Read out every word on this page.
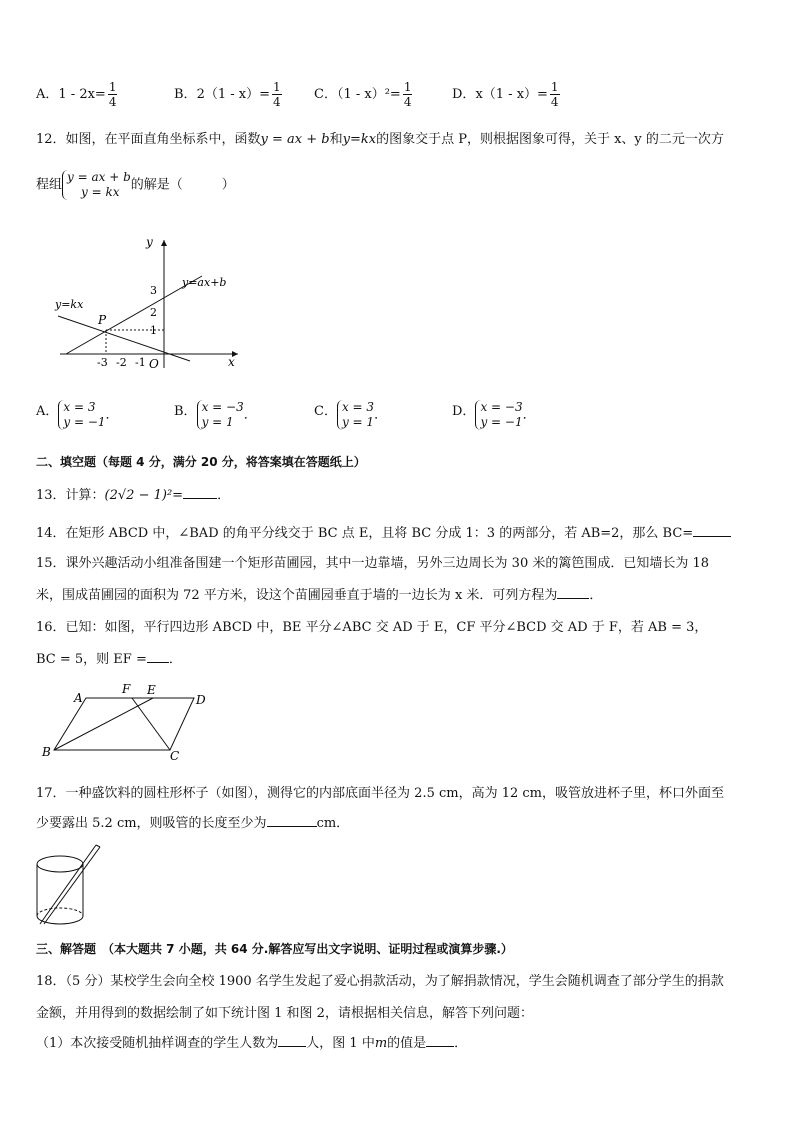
A．$1 - 2x= \frac{1}{4}$	B．$2(1 - x)= \frac{1}{4}$ C．$(1 - x)^2= \frac{1}{4}$	D．$x(1 - x)= \frac{1}{4}$
12．如图，在平面直角坐标系中，函数y = ax + b和y=kx的图象交于点 P，则根据图象可得，关于 x、y 的二元一次方
程组
y = ax + b
y = kx 的解是（　　　）
y
x
3
2
1
-3 -2 -1 O
P
y=ax+b
y=kx
A． x = 3
y = −1 ．	B． x = −3
y = 1 ．	C． x = 3
y = 1 ．	D． x = −3
y = −1 ．
二、填空题（每题 4 分，满分 20 分，将答案填在答题纸上）
13．计算：(2√2 − 1)²=	．
14．在矩形 ABCD 中，∠BAD 的角平分线交于 BC 点 E，且将 BC 分成 1：3 的两部分，若 AB=2，那么 BC=
15．课外兴趣活动小组准备围建一个矩形苗圃园，其中一边靠墙，另外三边周长为 30 米的篱笆围成．已知墙长为 18
米，围成苗圃园的面积为 72 平方米，设这个苗圃园垂直于墙的一边长为 x 米．可列方程为 ．
16．已知：如图，平行四边形 ABCD 中，BE 平分∠ABC 交 AD 于 E，CF 平分∠BCD 交 AD 于 F，若 AB = 3，
BC = 5，则 EF = ．
A	D
B	C
F E
17．一种盛饮料的圆柱形杯子（如图），测得它的内部底面半径为 2.5 cm，高为 12 cm，吸管放进杯子里，杯口外面至
少要露出 5.2 cm，则吸管的长度至少为	cm．
三、解答题　（本大题共 7 小题，共 64 分.解答应写出文字说明、证明过程或演算步骤.）
18．（5 分）某校学生会向全校 1900 名学生发起了爱心捐款活动，为了解捐款情况，学生会随机调查了部分学生的捐款
金额，并用得到的数据绘制了如下统计图 1 和图 2，请根据相关信息，解答下列问题：
（1）本次接受随机抽样调查的学生人数为 人，图 1 中m的值是 ．
